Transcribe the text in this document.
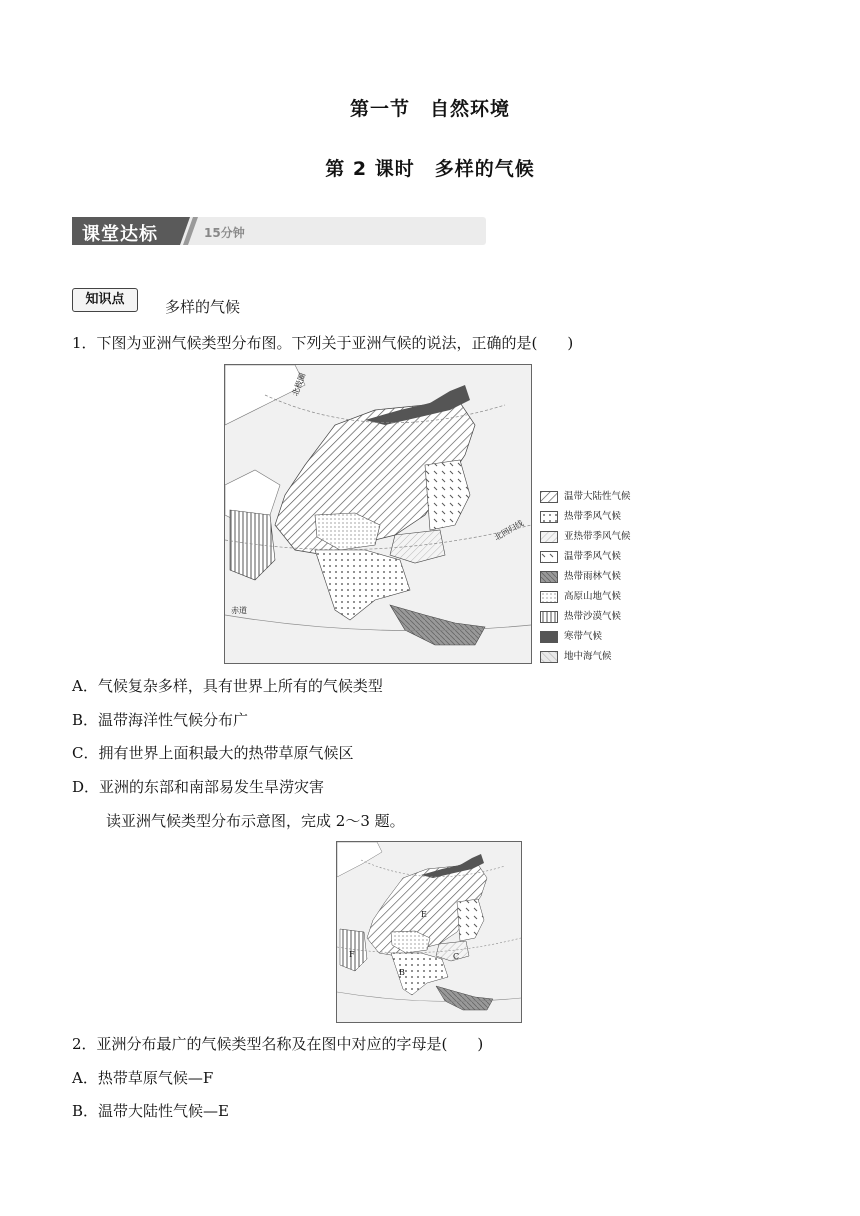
第一节　自然环境
第 2 课时　多样的气候
课堂达标	15分钟
知识点	多样的气候
1．下图为亚洲气候类型分布图。下列关于亚洲气候的说法，正确的是(　　)
北极圈
北回归线
赤道
温带大陆性气候
热带季风气候
亚热带季风气候
温带季风气候
热带雨林气候
高原山地气候
热带沙漠气候
寒带气候
地中海气候
A．气候复杂多样，具有世界上所有的气候类型
B．温带海洋性气候分布广
C．拥有世界上面积最大的热带草原气候区
D．亚洲的东部和南部易发生旱涝灾害
读亚洲气候类型分布示意图，完成 2～3 题。
E
C
B
F
2．亚洲分布最广的气候类型名称及在图中对应的字母是(　　)
A．热带草原气候—F
B．温带大陆性气候—E
